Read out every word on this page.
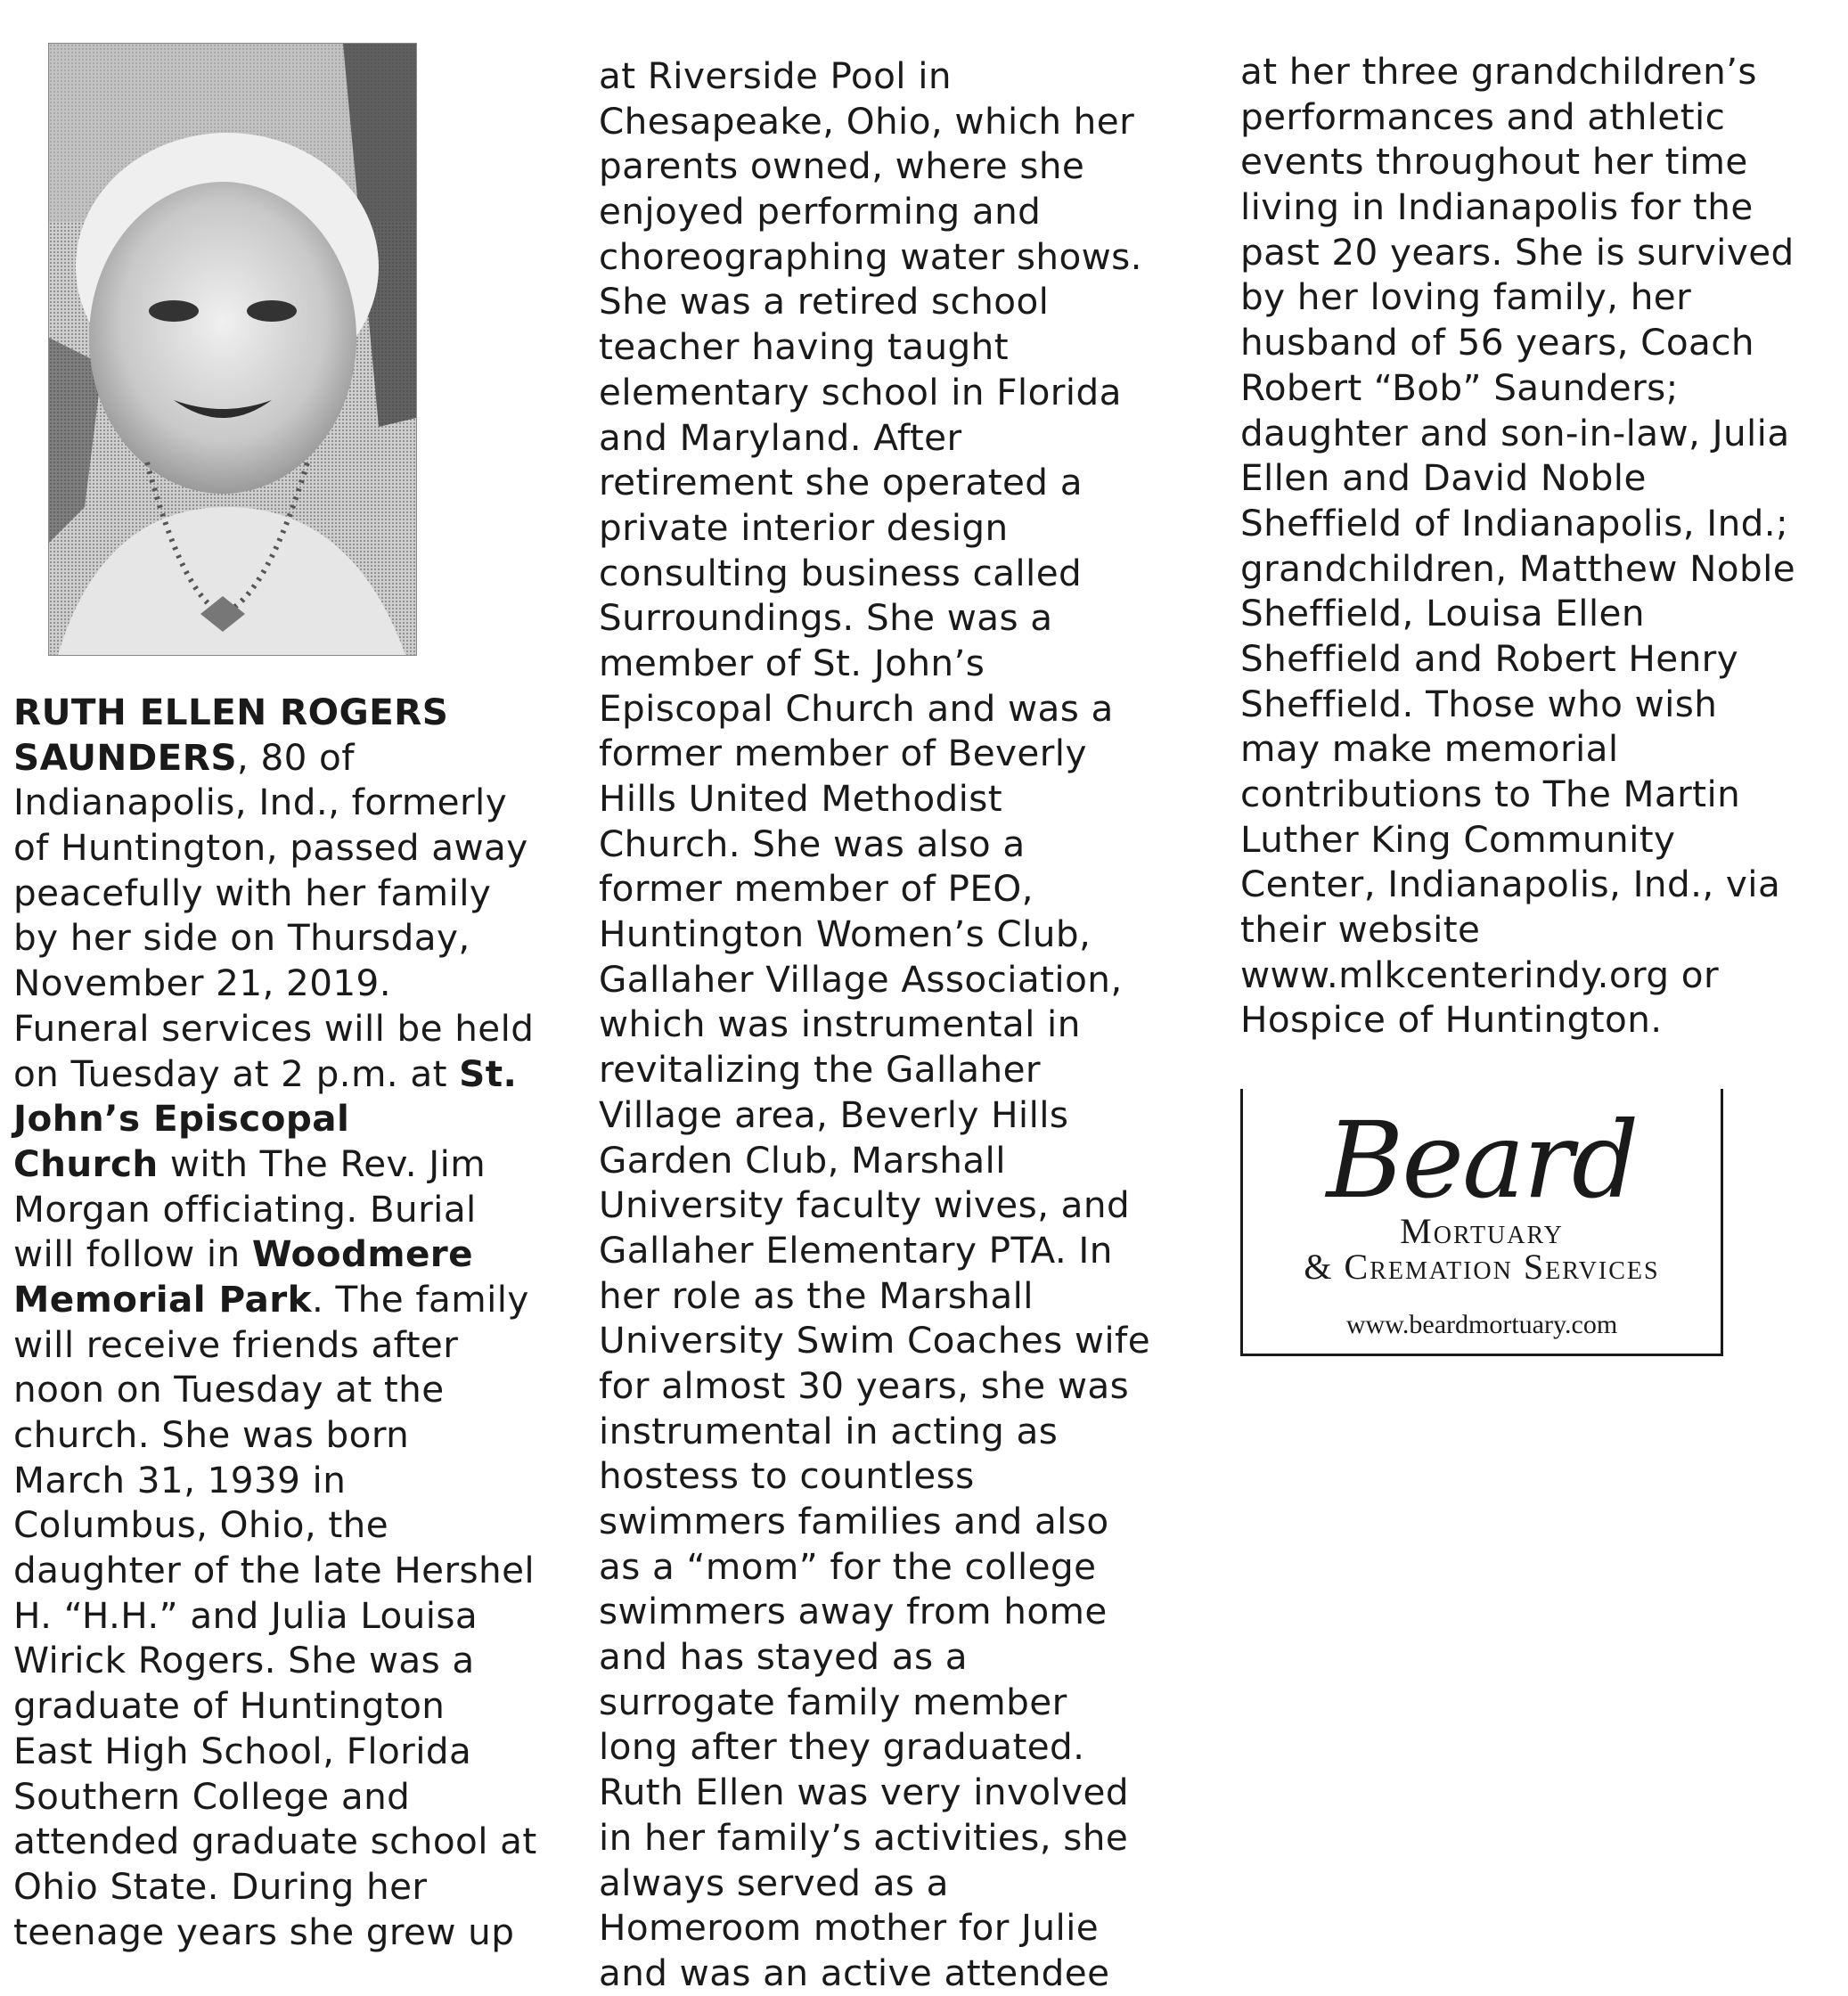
RUTH ELLEN ROGERS
SAUNDERS, 80 of
Indianapolis, Ind., formerly
of Huntington, passed away
peacefully with her family
by her side on Thursday,
November 21, 2019.
Funeral services will be held
on Tuesday at 2 p.m. at St.
John’s Episcopal
Church with The Rev. Jim
Morgan officiating. Burial
will follow in Woodmere
Memorial Park. The family
will receive friends after
noon on Tuesday at the
church. She was born
March 31, 1939 in
Columbus, Ohio, the
daughter of the late Hershel
H. “H.H.” and Julia Louisa
Wirick Rogers. She was a
graduate of Huntington
East High School, Florida
Southern College and
attended graduate school at
Ohio State. During her
teenage years she grew up
at Riverside Pool in
Chesapeake, Ohio, which her
parents owned, where she
enjoyed performing and
choreographing water shows.
She was a retired school
teacher having taught
elementary school in Florida
and Maryland. After
retirement she operated a
private interior design
consulting business called
Surroundings. She was a
member of St. John’s
Episcopal Church and was a
former member of Beverly
Hills United Methodist
Church. She was also a
former member of PEO,
Huntington Women’s Club,
Gallaher Village Association,
which was instrumental in
revitalizing the Gallaher
Village area, Beverly Hills
Garden Club, Marshall
University faculty wives, and
Gallaher Elementary PTA. In
her role as the Marshall
University Swim Coaches wife
for almost 30 years, she was
instrumental in acting as
hostess to countless
swimmers families and also
as a “mom” for the college
swimmers away from home
and has stayed as a
surrogate family member
long after they graduated.
Ruth Ellen was very involved
in her family’s activities, she
always served as a
Homeroom mother for Julie
and was an active attendee
at her three grandchildren’s
performances and athletic
events throughout her time
living in Indianapolis for the
past 20 years. She is survived
by her loving family, her
husband of 56 years, Coach
Robert “Bob” Saunders;
daughter and son-in-law, Julia
Ellen and David Noble
Sheffield of Indianapolis, Ind.;
grandchildren, Matthew Noble
Sheffield, Louisa Ellen
Sheffield and Robert Henry
Sheffield. Those who wish
may make memorial
contributions to The Martin
Luther King Community
Center, Indianapolis, Ind., via
their website
www.mlkcenterindy.org or
Hospice of Huntington.
Beard
Mortuary
& Cremation Services
www.beardmortuary.com
